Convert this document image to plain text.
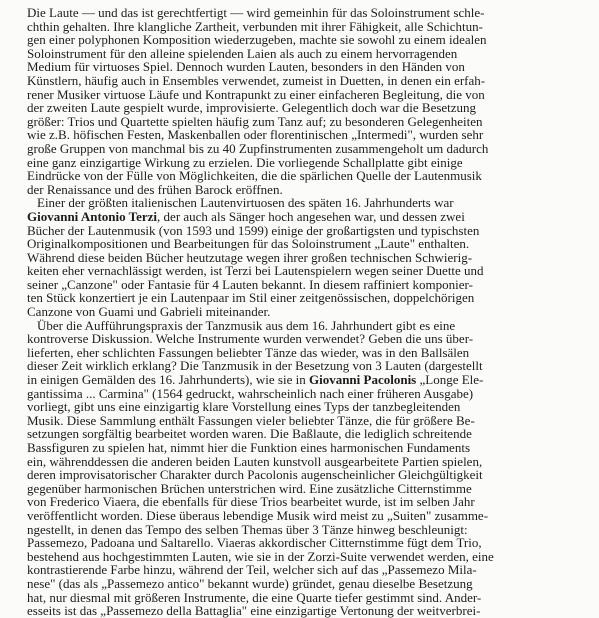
Die Laute — und das ist gerechtfertigt — wird gemeinhin für das Soloinstrument schle-
chthin gehalten. Ihre klangliche Zartheit, verbunden mit ihrer Fähigkeit, alle Schichtun-
gen einer polyphonen Komposition wiederzugeben, machte sie sowohl zu einem idealen
Soloinstrument für den alleine spielenden Laien als auch zu einem hervorragenden
Medium für virtuoses Spiel. Dennoch wurden Lauten, besonders in den Händen von
Künstlern, häufig auch in Ensembles verwendet, zumeist in Duetten, in denen ein erfah-
rener Musiker virtuose Läufe und Kontrapunkt zu einer einfacheren Begleitung, die von
der zweiten Laute gespielt wurde, improvisierte. Gelegentlich doch war die Besetzung
größer: Trios und Quartette spielten häufig zum Tanz auf; zu besonderen Gelegenheiten
wie z.B. höfischen Festen, Maskenballen oder florentinischen „Intermedi", wurden sehr
große Gruppen von manchmal bis zu 40 Zupfinstrumenten zusammengeholt um dadurch
eine ganz einzigartige Wirkung zu erzielen. Die vorliegende Schallplatte gibt einige
Eindrücke von der Fülle von Möglichkeiten, die die spärlichen Quelle der Lautenmusik
der Renaissance und des frühen Barock eröffnen.
Einer der größten italienischen Lautenvirtuosen des späten 16. Jahrhunderts war
Giovanni Antonio Terzi, der auch als Sänger hoch angesehen war, und dessen zwei
Bücher der Lautenmusik (von 1593 und 1599) einige der großartigsten und typischsten
Originalkompositionen und Bearbeitungen für das Soloinstrument „Laute" enthalten.
Während diese beiden Bücher heutzutage wegen ihrer großen technischen Schwierig-
keiten eher vernachlässigt werden, ist Terzi bei Lautenspielern wegen seiner Duette und
seiner „Canzone" oder Fantasie für 4 Lauten bekannt. In diesem raffiniert komponier-
ten Stück konzertiert je ein Lautenpaar im Stil einer zeitgenössischen, doppelchörigen
Canzone von Guami und Gabrieli miteinander.
Über die Aufführungspraxis der Tanzmusik aus dem 16. Jahrhundert gibt es eine
kontroverse Diskussion. Welche Instrumente wurden verwendet? Geben die uns über-
lieferten, eher schlichten Fassungen beliebter Tänze das wieder, was in den Ballsälen
dieser Zeit wirklich erklang? Die Tanzmusik in der Besetzung von 3 Lauten (dargestellt
in einigen Gemälden des 16. Jahrhunderts), wie sie in Giovanni Pacolonis „Longe Ele-
gantissima ... Carmina" (1564 gedruckt, wahrscheinlich nach einer früheren Ausgabe)
vorliegt, gibt uns eine einzigartig klare Vorstellung eines Typs der tanzbegleitenden
Musik. Diese Sammlung enthält Fassungen vieler beliebter Tänze, die für größere Be-
setzungen sorgfältig bearbeitet worden waren. Die Baßlaute, die lediglich schreitende
Bassfiguren zu spielen hat, nimmt hier die Funktion eines harmonischen Fundaments
ein, währenddessen die anderen beiden Lauten kunstvoll ausgearbeitete Partien spielen,
deren improvisatorischer Charakter durch Pacolonis augenscheinlicher Gleichgültigkeit
gegenüber harmonischen Brüchen unterstrichen wird. Eine zusätzliche Citternstimme
von Frederico Viaera, die ebenfalls für diese Trios bearbeitet wurde, ist im selben Jahr
veröffentlicht worden. Diese überaus lebendige Musik wird meist zu „Suiten" zusamme-
ngestellt, in denen das Tempo des selben Themas über 3 Tänze hinweg beschleunigt:
Passemezo, Padoana und Saltarello. Viaeras akkordischer Citternstimme fügt dem Trio,
bestehend aus hochgestimmten Lauten, wie sie in der Zorzi-Suite verwendet werden, eine
kontrastierende Farbe hinzu, während der Teil, welcher sich auf das „Passemezo Mila-
nese" (das als „Passemezo antico" bekannt wurde) gründet, genau dieselbe Besetzung
hat, nur diesmal mit größeren Instrumente, die eine Quarte tiefer gestimmt sind. Ander-
esseits ist das „Passemezo della Battaglia" eine einzigartige Vertonung der weitverbrei-
